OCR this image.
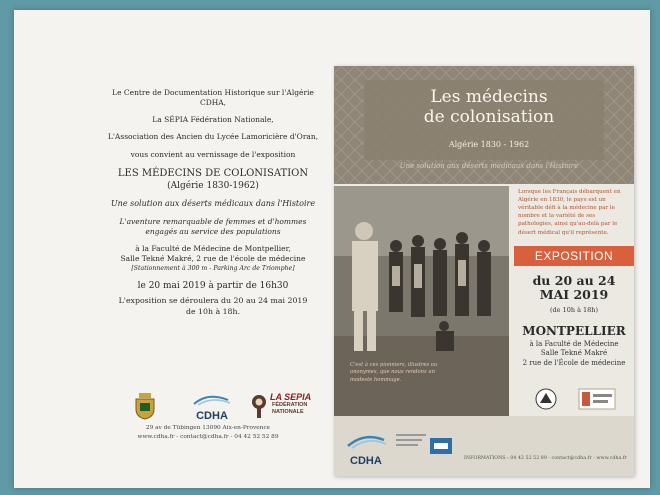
Le Centre de Documentation Historique sur l'Algérie
CDHA,
La SÉPIA Fédération Nationale,
L'Association des Ancien du Lycée Lamoricière d'Oran,
vous convient au vernissage de l'exposition
LES MÉDECINS DE COLONISATION
(Algérie 1830-1962)
Une solution aux déserts médicaux dans l'Histoire
L'aventure remarquable de femmes et d'hommes
engagés au service des populations
à la Faculté de Médecine de Montpellier,
Salle Tekné Makré, 2 rue de l'école de médecine
[Stationnement à 300 m - Parking Arc de Triomphe]
le 20 mai 2019 à partir de 16h30
L'exposition se déroulera du 20 au 24 mai 2019
de 10h à 18h.
CDHA
LA SEPIA
FÉDÉRATION
NATIONALE
29 av de Tübingen 13090 Aix-en-Provence
www.cdha.fr - contact@cdha.fr - 04 42 52 52 89
Les médecins
de colonisation
Algérie 1830 - 1962
Une solution aux déserts médicaux dans l'Histoire
C'est à ces pionniers, illustres ou anonymes, que nous rendons un modeste hommage.
Lorsque les Français débarquent en Algérie en 1830, le pays est un véritable défi à la médecine par le nombre et la variété de ses pathologies, ainsi qu'au-delà par le désert médical qu'il représente.
EXPOSITION
du 20 au 24
MAI 2019
(de 10h à 18h)
MONTPELLIER
à la Faculté de Médecine
Salle Tekné Makré
2 rue de l'École de médecine
CDHA	INFORMATIONS : 04 42 52 52 89 - contact@cdha.fr - www.cdha.fr
